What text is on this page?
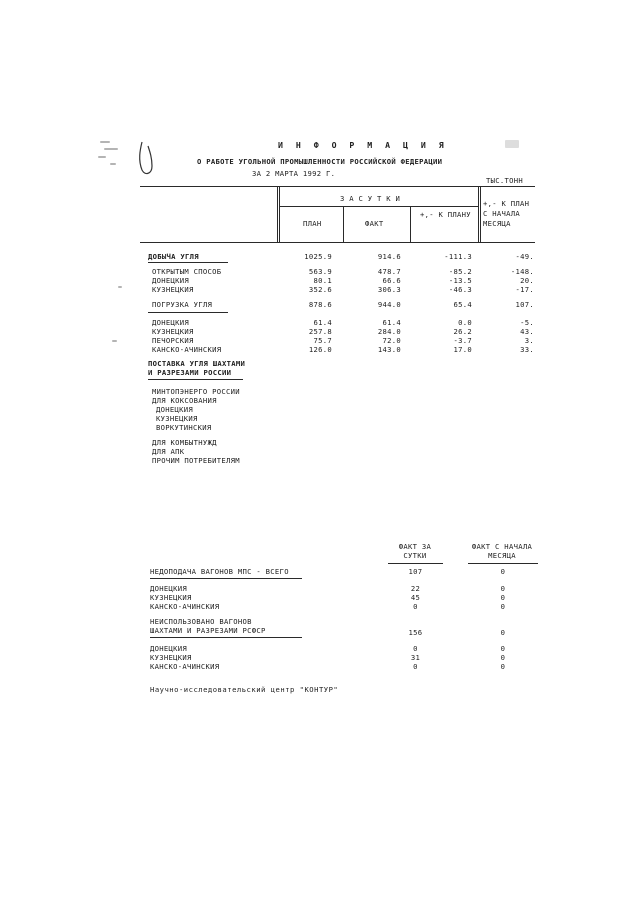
И Н Ф О Р М А Ц И Я
О РАБОТЕ УГОЛЬНОЙ ПРОМЫШЛЕННОСТИ РОССИЙСКОЙ ФЕДЕРАЦИИ
ЗА 2 МАРТА 1992 Г.
ТЫС.ТОНН
З А С У Т К И
ПЛАН	ФАКТ
+,- К ПЛАНУ
+,- К ПЛАН С НАЧАЛА МЕСЯЦА
ДОБЫЧА УГЛЯ	1025.9	914.6	-111.3	-49.
ОТКРЫТЫМ СПОСОБ	563.9	478.7	-85.2	-148.
ДОНЕЦКИЯ	80.1	66.6	-13.5	20.
КУЗНЕЦКИЯ	352.6	306.3	-46.3	-17.
ПОГРУЗКА УГЛЯ	878.6	944.0	65.4	107.
ДОНЕЦКИЯ	61.4	61.4	0.0	-5.
КУЗНЕЦКИЯ	257.8	284.0	26.2	43.
ПЕЧОРСКИЯ	75.7	72.0	-3.7	3.
КАНСКО-АЧИНСКИЯ	126.0	143.0	17.0	33.
ПОСТАВКА УГЛЯ ШАХТАМИ
И РАЗРЕЗАМИ РОССИИ
МИНТОПЭНЕРГО РОССИИ
ДЛЯ КОКСОВАНИЯ
ДОНЕЦКИЯ
КУЗНЕЦКИЯ
ВОРКУТИНСКИЯ
ДЛЯ КОМБЫТНУЖД
ДЛЯ АПК
ПРОЧИМ ПОТРЕБИТЕЛЯМ
ФАКТ ЗА СУТКИ
ФАКТ С НАЧАЛА МЕСЯЦА
НЕДОПОДАЧА ВАГОНОВ МПС - ВСЕГО	107	0
ДОНЕЦКИЯ	22	0
КУЗНЕЦКИЯ	45	0
КАНСКО-АЧИНСКИЯ	0	0
НЕИСПОЛЬЗОВАНО ВАГОНОВ
ШАХТАМИ И РАЗРЕЗАМИ РСФСР	156	0
ДОНЕЦКИЯ	0	0
КУЗНЕЦКИЯ	31	0
КАНСКО-АЧИНСКИЯ	0	0
Научно-исследовательский центр "КОНТУР"
